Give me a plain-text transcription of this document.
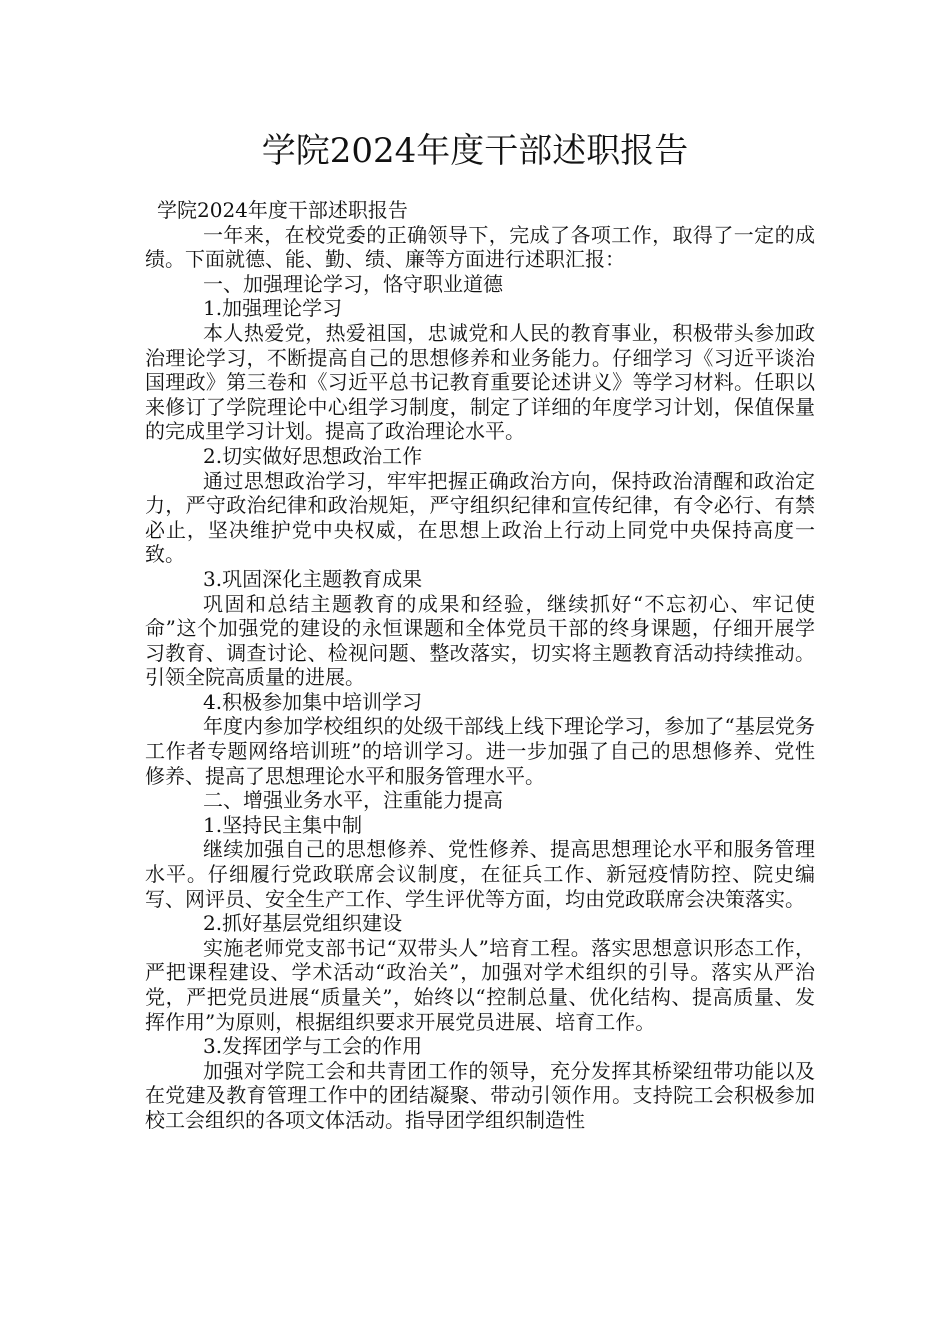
学院2024年度干部述职报告

学院2024年度干部述职报告

一年来，在校党委的正确领导下，完成了各项工作，取得了一定的成绩。下面就德、能、勤、绩、廉等方面进行述职汇报：

一、加强理论学习，恪守职业道德

1.加强理论学习

本人热爱党，热爱祖国，忠诚党和人民的教育事业，积极带头参加政治理论学习，不断提高自己的思想修养和业务能力。仔细学习《习近平谈治国理政》第三卷和《习近平总书记教育重要论述讲义》等学习材料。任职以来修订了学院理论中心组学习制度，制定了详细的年度学习计划，保值保量的完成里学习计划。提高了政治理论水平。

2.切实做好思想政治工作

通过思想政治学习，牢牢把握正确政治方向，保持政治清醒和政治定力，严守政治纪律和政治规矩，严守组织纪律和宣传纪律，有令必行、有禁必止，坚决维护党中央权威，在思想上政治上行动上同党中央保持高度一致。

3.巩固深化主题教育成果

巩固和总结主题教育的成果和经验，继续抓好“不忘初心、牢记使命”这个加强党的建设的永恒课题和全体党员干部的终身课题，仔细开展学习教育、调查讨论、检视问题、整改落实，切实将主题教育活动持续推动。引领全院高质量的进展。

4.积极参加集中培训学习

年度内参加学校组织的处级干部线上线下理论学习，参加了“基层党务工作者专题网络培训班”的培训学习。进一步加强了自己的思想修养、党性修养、提高了思想理论水平和服务管理水平。

二、增强业务水平，注重能力提高

1.坚持民主集中制

继续加强自己的思想修养、党性修养、提高思想理论水平和服务管理水平。仔细履行党政联席会议制度，在征兵工作、新冠疫情防控、院史编写、网评员、安全生产工作、学生评优等方面，均由党政联席会决策落实。

2.抓好基层党组织建设

实施老师党支部书记“双带头人”培育工程。落实思想意识形态工作，严把课程建设、学术活动“政治关”，加强对学术组织的引导。落实从严治党，严把党员进展“质量关”，始终以“控制总量、优化结构、提高质量、发挥作用”为原则，根据组织要求开展党员进展、培育工作。

3.发挥团学与工会的作用

加强对学院工会和共青团工作的领导，充分发挥其桥梁纽带功能以及在党建及教育管理工作中的团结凝聚、带动引领作用。支持院工会积极参加校工会组织的各项文体活动。指导团学组织制造性
